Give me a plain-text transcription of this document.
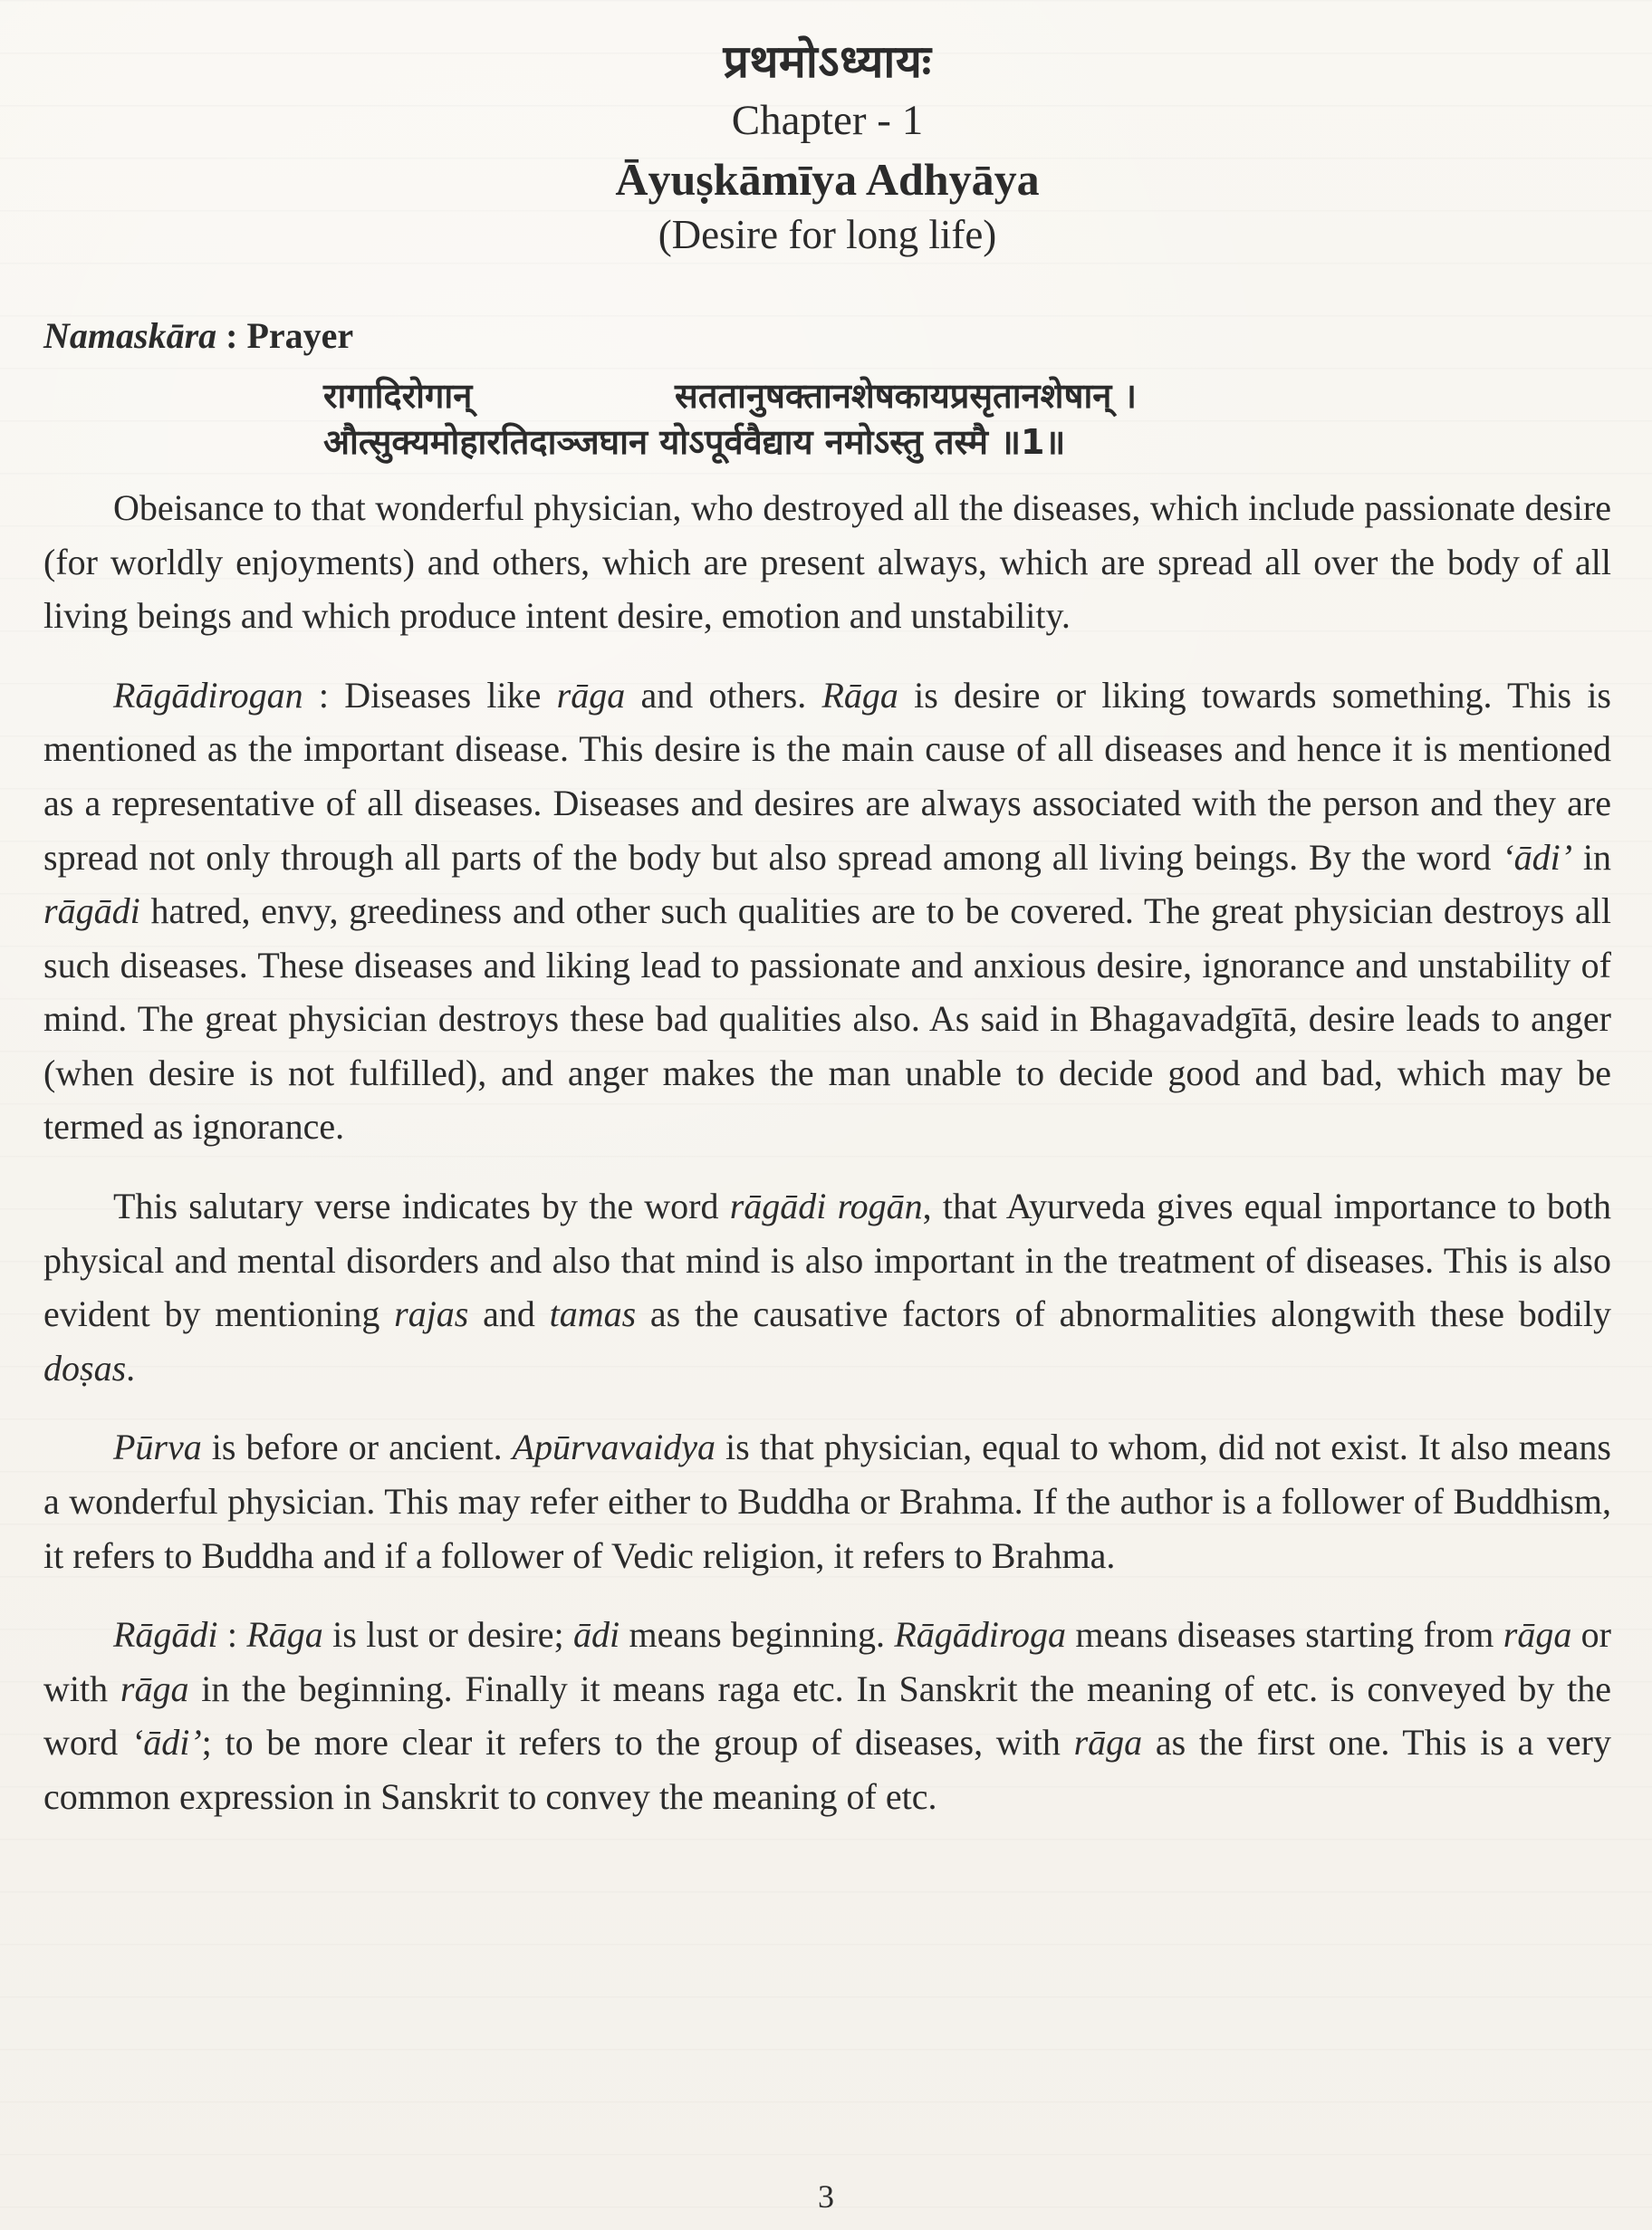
प्रथमोऽध्यायः
Chapter - 1
Āyuṣkāmīya Adhyāya
(Desire for long life)
Namaskāra : Prayer
रागादिरोगान्	सततानुषक्तानशेषकायप्रसृतानशेषान् ।
औत्सुक्यमोहारतिदाञ्जघान योऽपूर्ववैद्याय नमोऽस्तु तस्मै ॥1॥

Obeisance to that wonderful physician, who destroyed all the diseases, which include passionate desire (for worldly enjoyments) and others, which are present always, which are spread all over the body of all living beings and which produce intent desire, emotion and unstability.

Rāgādirogan : Diseases like rāga and others. Rāga is desire or liking towards something. This is mentioned as the important disease. This desire is the main cause of all diseases and hence it is mentioned as a representative of all diseases. Diseases and desires are always associated with the person and they are spread not only through all parts of the body but also spread among all living beings. By the word ‘ādi’ in rāgādi hatred, envy, greediness and other such qualities are to be covered. The great physician destroys all such diseases. These diseases and liking lead to passionate and anxious desire, ignorance and unstability of mind. The great physician destroys these bad qualities also. As said in Bhagavadgītā, desire leads to anger (when desire is not fulfilled), and anger makes the man unable to decide good and bad, which may be termed as ignorance.

This salutary verse indicates by the word rāgādi rogān, that Ayurveda gives equal importance to both physical and mental disorders and also that mind is also important in the treatment of diseases. This is also evident by mentioning rajas and tamas as the causative factors of abnormalities alongwith these bodily doṣas.

Pūrva is before or ancient. Apūrvavaidya is that physician, equal to whom, did not exist. It also means a wonderful physician. This may refer either to Buddha or Brahma. If the author is a follower of Buddhism, it refers to Buddha and if a follower of Vedic religion, it refers to Brahma.

Rāgādi : Rāga is lust or desire; ādi means beginning. Rāgādiroga means diseases starting from rāga or with rāga in the beginning. Finally it means raga etc. In Sanskrit the meaning of etc. is conveyed by the word ‘ādi’; to be more clear it refers to the group of diseases, with rāga as the first one. This is a very common expression in Sanskrit to convey the meaning of etc.

3
